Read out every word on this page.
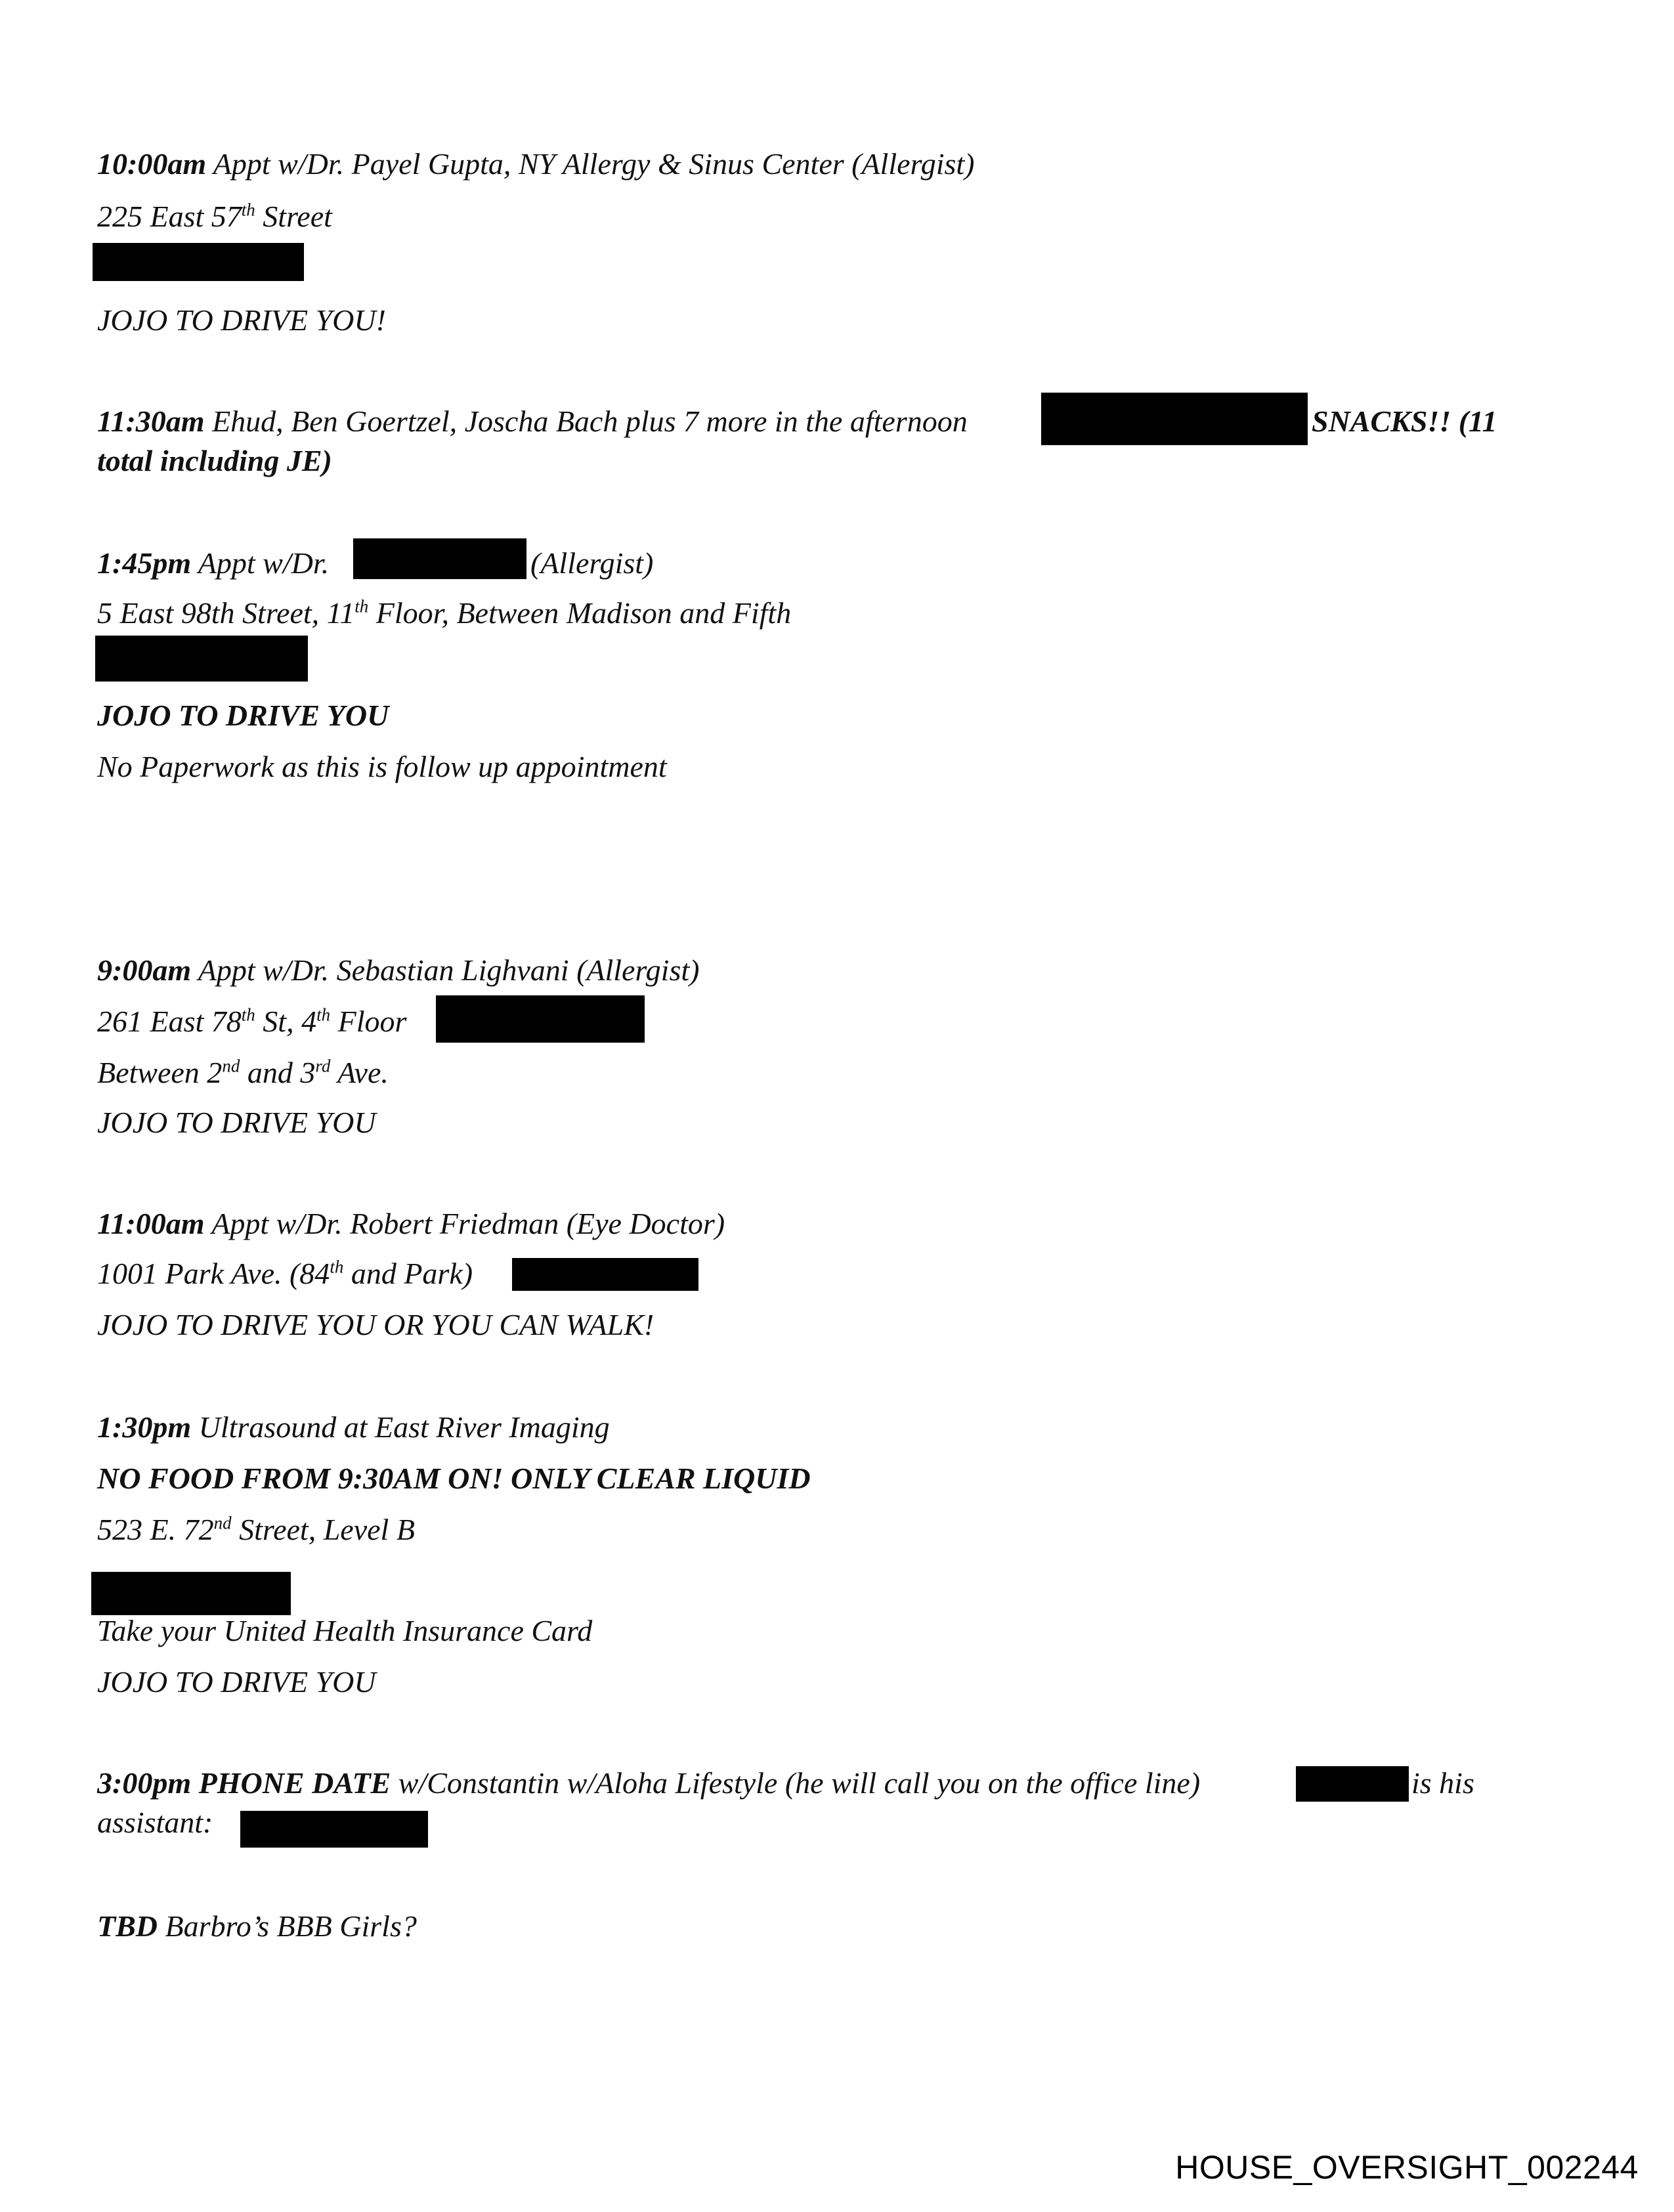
10:00am Appt w/Dr. Payel Gupta, NY Allergy & Sinus Center (Allergist)
225 East 57th Street
JOJO TO DRIVE YOU!
11:30am Ehud, Ben Goertzel, Joscha Bach plus 7 more in the afternoon	SNACKS!! (11
total including JE)
1:45pm Appt w/Dr.	(Allergist)
5 East 98th Street, 11th Floor, Between Madison and Fifth
JOJO TO DRIVE YOU
No Paperwork as this is follow up appointment
9:00am Appt w/Dr. Sebastian Lighvani (Allergist)
261 East 78th St, 4th Floor
Between 2nd and 3rd Ave.
JOJO TO DRIVE YOU
11:00am Appt w/Dr. Robert Friedman (Eye Doctor)
1001 Park Ave. (84th and Park)
JOJO TO DRIVE YOU OR YOU CAN WALK!
1:30pm Ultrasound at East River Imaging
NO FOOD FROM 9:30AM ON! ONLY CLEAR LIQUID
523 E. 72nd Street, Level B
Take your United Health Insurance Card
JOJO TO DRIVE YOU
3:00pm PHONE DATE w/Constantin w/Aloha Lifestyle (he will call you on the office line)	is his
assistant:
TBD Barbro’s BBB Girls?
HOUSE_OVERSIGHT_002244
